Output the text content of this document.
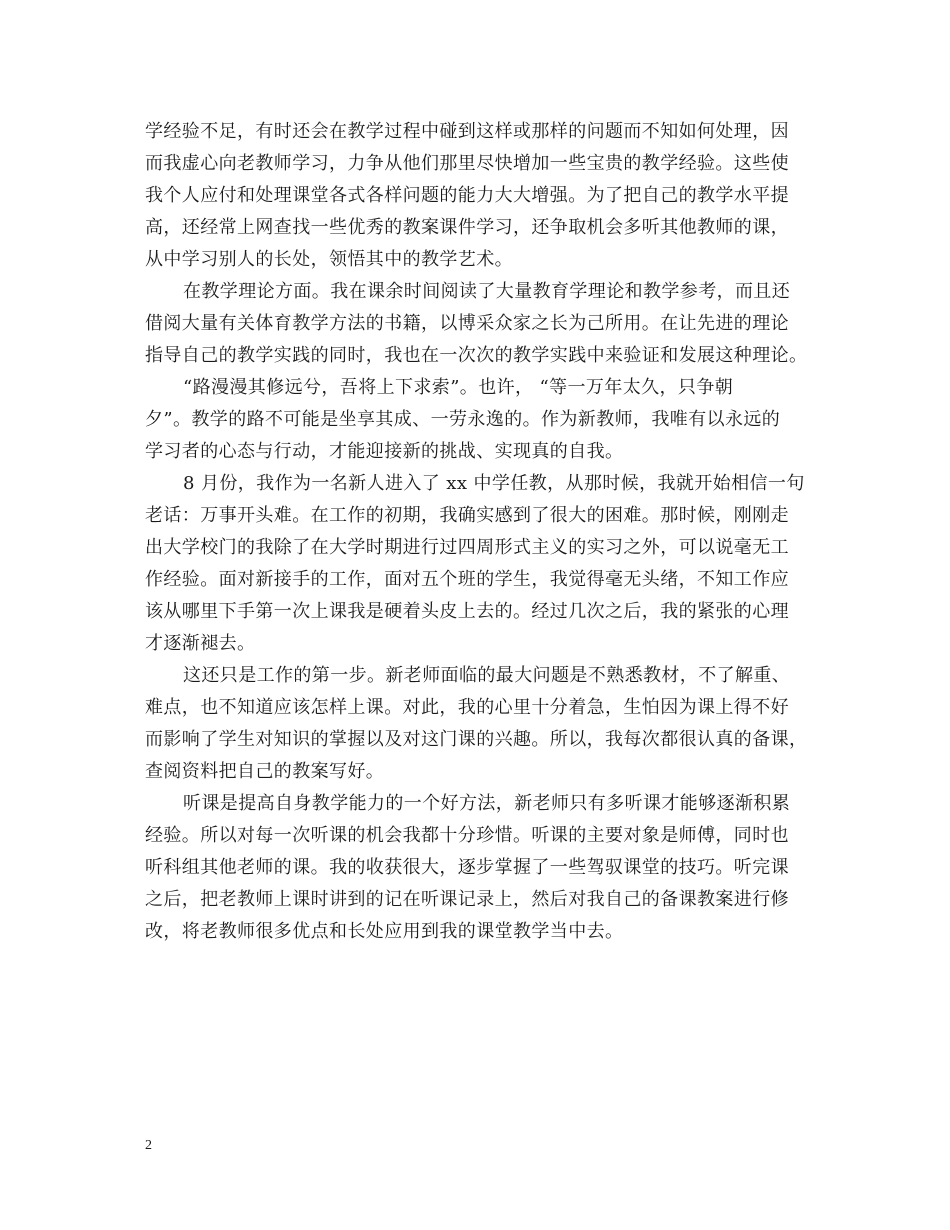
学经验不足，有时还会在教学过程中碰到这样或那样的问题而不知如何处理，因
而我虚心向老教师学习，力争从他们那里尽快增加一些宝贵的教学经验。这些使
我个人应付和处理课堂各式各样问题的能力大大增强。为了把自己的教学水平提
高，还经常上网查找一些优秀的教案课件学习，还争取机会多听其他教师的课，
从中学习别人的长处，领悟其中的教学艺术。
在教学理论方面。我在课余时间阅读了大量教育学理论和教学参考，而且还
借阅大量有关体育教学方法的书籍，以博采众家之长为己所用。在让先进的理论
指导自己的教学实践的同时，我也在一次次的教学实践中来验证和发展这种理论。
“路漫漫其修远兮，吾将上下求索”。也许， “等一万年太久，只争朝
夕”。教学的路不可能是坐享其成、一劳永逸的。作为新教师，我唯有以永远的
学习者的心态与行动，才能迎接新的挑战、实现真的自我。
8 月份，我作为一名新人进入了 xx 中学任教，从那时候，我就开始相信一句
老话：万事开头难。在工作的初期，我确实感到了很大的困难。那时候，刚刚走
出大学校门的我除了在大学时期进行过四周形式主义的实习之外，可以说毫无工
作经验。面对新接手的工作，面对五个班的学生，我觉得毫无头绪，不知工作应
该从哪里下手第一次上课我是硬着头皮上去的。经过几次之后，我的紧张的心理
才逐渐褪去。
这还只是工作的第一步。新老师面临的最大问题是不熟悉教材，不了解重、
难点，也不知道应该怎样上课。对此，我的心里十分着急，生怕因为课上得不好
而影响了学生对知识的掌握以及对这门课的兴趣。所以，我每次都很认真的备课，
查阅资料把自己的教案写好。
听课是提高自身教学能力的一个好方法，新老师只有多听课才能够逐渐积累
经验。所以对每一次听课的机会我都十分珍惜。听课的主要对象是师傅，同时也
听科组其他老师的课。我的收获很大，逐步掌握了一些驾驭课堂的技巧。听完课
之后，把老教师上课时讲到的记在听课记录上，然后对我自己的备课教案进行修
改，将老教师很多优点和长处应用到我的课堂教学当中去。
2
